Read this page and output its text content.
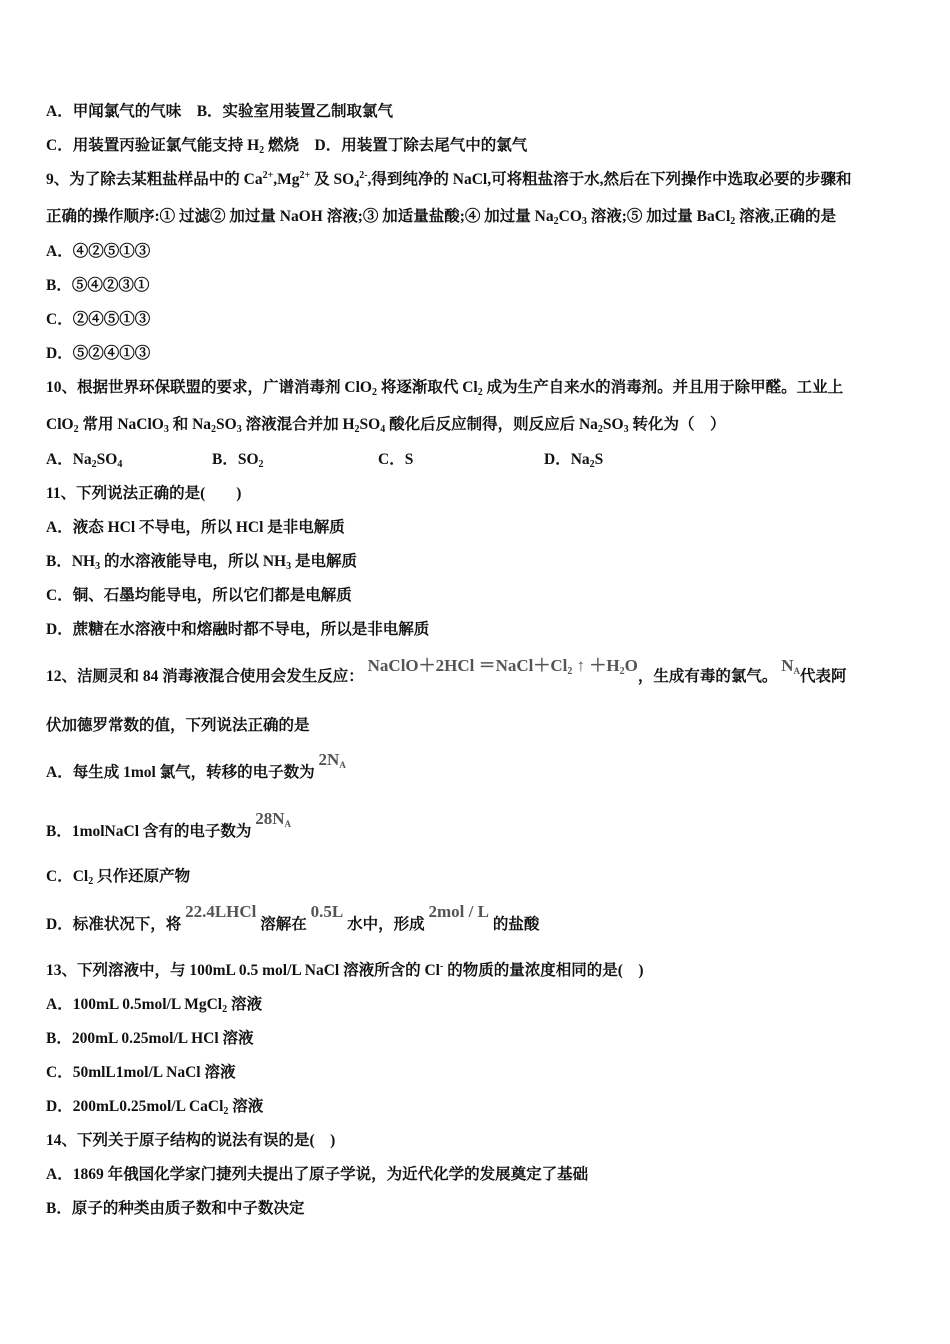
A．甲闻氯气的气味　B．实验室用装置乙制取氯气
C．用装置丙验证氯气能支持 $H_2$ 燃烧　D．用装置丁除去尾气中的氯气
9、为了除去某粗盐样品中的 $Ca^{2+},Mg^{2+}$ 及 $SO_4^{2-}$,得到纯净的 NaCl,可将粗盐溶于水,然后在下列操作中选取必要的步骤和
正确的操作顺序:① 过滤② 加过量 NaOH 溶液;③ 加适量盐酸;④ 加过量 $Na_2CO_3$ 溶液;⑤ 加过量 BaCl$_2$ 溶液,正确的是
A．④②⑤①③
B．⑤④②③①
C．②④⑤①③
D．⑤②④①③
10、根据世界环保联盟的要求，广谱消毒剂 ClO$_2$ 将逐渐取代 $Cl_2$ 成为生产自来水的消毒剂。并且用于除甲醛。工业上
ClO$_2$ 常用 NaClO$_3$ 和 $Na_2SO_3$ 溶液混合并加 $H_2SO_4$ 酸化后反应制得，则反应后 $Na_2SO_3$ 转化为（　）
A．$Na_2SO_4$	B．$SO_2$	C．S	D．$Na_2S$
11、下列说法正确的是(　　)
A．液态 HCl 不导电，所以 HCl 是非电解质
B．$NH_3$ 的水溶液能导电，所以 $NH_3$ 是电解质
C．铜、石墨均能导电，所以它们都是电解质
D．蔗糖在水溶液中和熔融时都不导电，所以是非电解质
12、洁厕灵和 84 消毒液混合使用会发生反应： NaClO＋2HCl $=NaCl+Cl_2$ ↑ $+H_2O$，生成有毒的氯气。 $N_A$代表阿
伏加德罗常数的值，下列说法正确的是
A．每生成 1mol 氯气，转移的电子数为 $2N_A$
B．1molNaCl 含有的电子数为 $28N_A$
C．$Cl_2$ 只作还原产物
D．标准状况下，将 22.4LHCl 溶解在 0.5L 水中，形成 2mol / L 的盐酸
13、下列溶液中，与 100mL 0.5 mol/L NaCl 溶液所含的 Cl- 的物质的量浓度相同的是(　)
A．100mL 0.5mol/L MgCl$_2$ 溶液
B．200mL 0.25mol/L HCl 溶液
C．50mlL1mol/L NaCl 溶液
D．200mL0.25mol/L CaCl$_2$ 溶液
14、下列关于原子结构的说法有误的是(　)
A．1869 年俄国化学家门捷列夫提出了原子学说，为近代化学的发展奠定了基础
B．原子的种类由质子数和中子数决定
